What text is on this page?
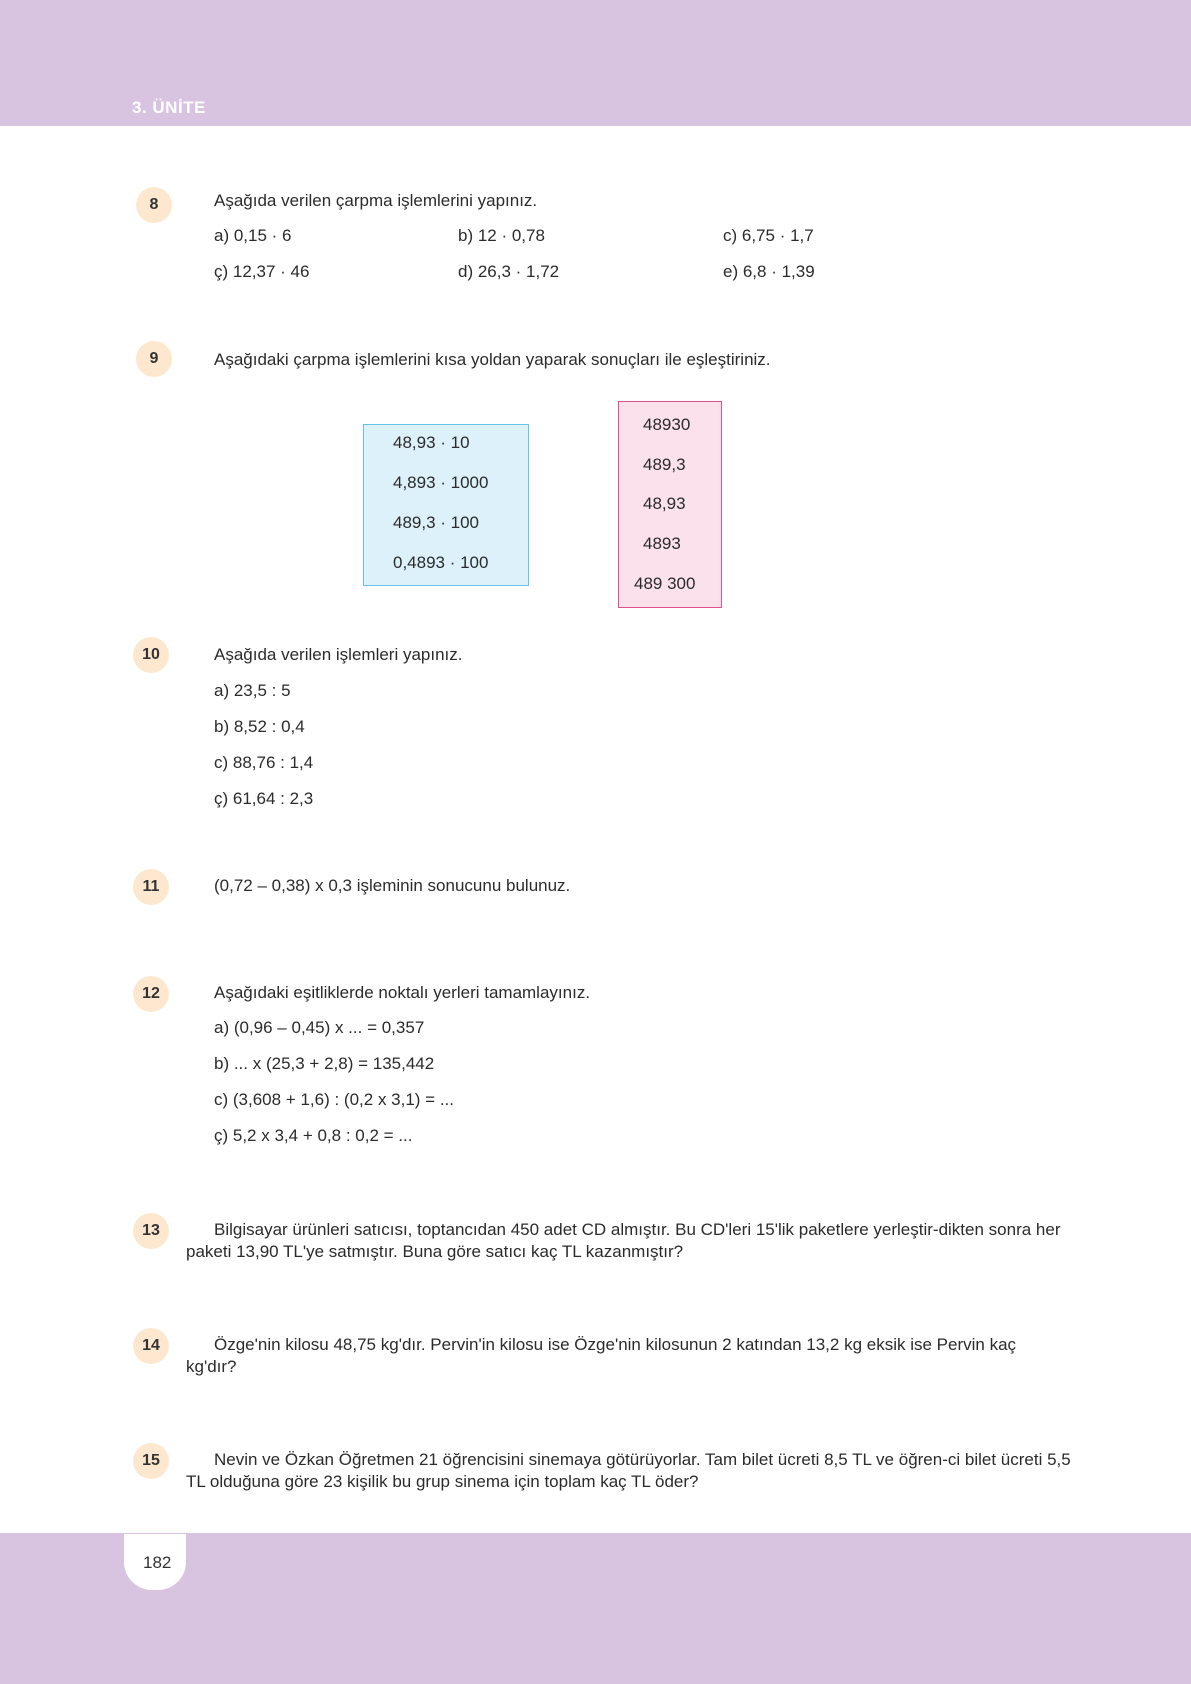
3. ÜNİTE
8	Aşağıda verilen çarpma işlemlerini yapınız.
a) 0,15 · 6	b) 12 · 0,78	c) 6,75 · 1,7
ç) 12,37 · 46	d) 26,3 · 1,72	e) 6,8 · 1,39
9	Aşağıdaki çarpma işlemlerini kısa yoldan yaparak sonuçları ile eşleştiriniz.
48,93 · 10
4,893 · 1000
489,3 · 100
0,4893 · 100
48930
489,3
48,93
4893
489 300
10	Aşağıda verilen işlemleri yapınız.
a) 23,5 : 5
b) 8,52 : 0,4
c) 88,76 : 1,4
ç) 61,64 : 2,3
11	(0,72 – 0,38) x 0,3 işleminin sonucunu bulunuz.
12	Aşağıdaki eşitliklerde noktalı yerleri tamamlayınız.
a) (0,96 – 0,45) x ... = 0,357
b) ... x (25,3 + 2,8) = 135,442
c) (3,608 + 1,6) : (0,2 x 3,1) = ...
ç) 5,2 x 3,4 + 0,8 : 0,2 = ...
13	Bilgisayar ürünleri satıcısı, toptancıdan 450 adet CD almıştır. Bu CD'leri 15'lik paketlere yerleştir-dikten sonra her paketi 13,90 TL'ye satmıştır. Buna göre satıcı kaç TL kazanmıştır?
14	Özge'nin kilosu 48,75 kg'dır. Pervin'in kilosu ise Özge'nin kilosunun 2 katından 13,2 kg eksik ise Pervin kaç kg'dır?
15	Nevin ve Özkan Öğretmen 21 öğrencisini sinemaya götürüyorlar. Tam bilet ücreti 8,5 TL ve öğren-ci bilet ücreti 5,5 TL olduğuna göre 23 kişilik bu grup sinema için toplam kaç TL öder?
182
